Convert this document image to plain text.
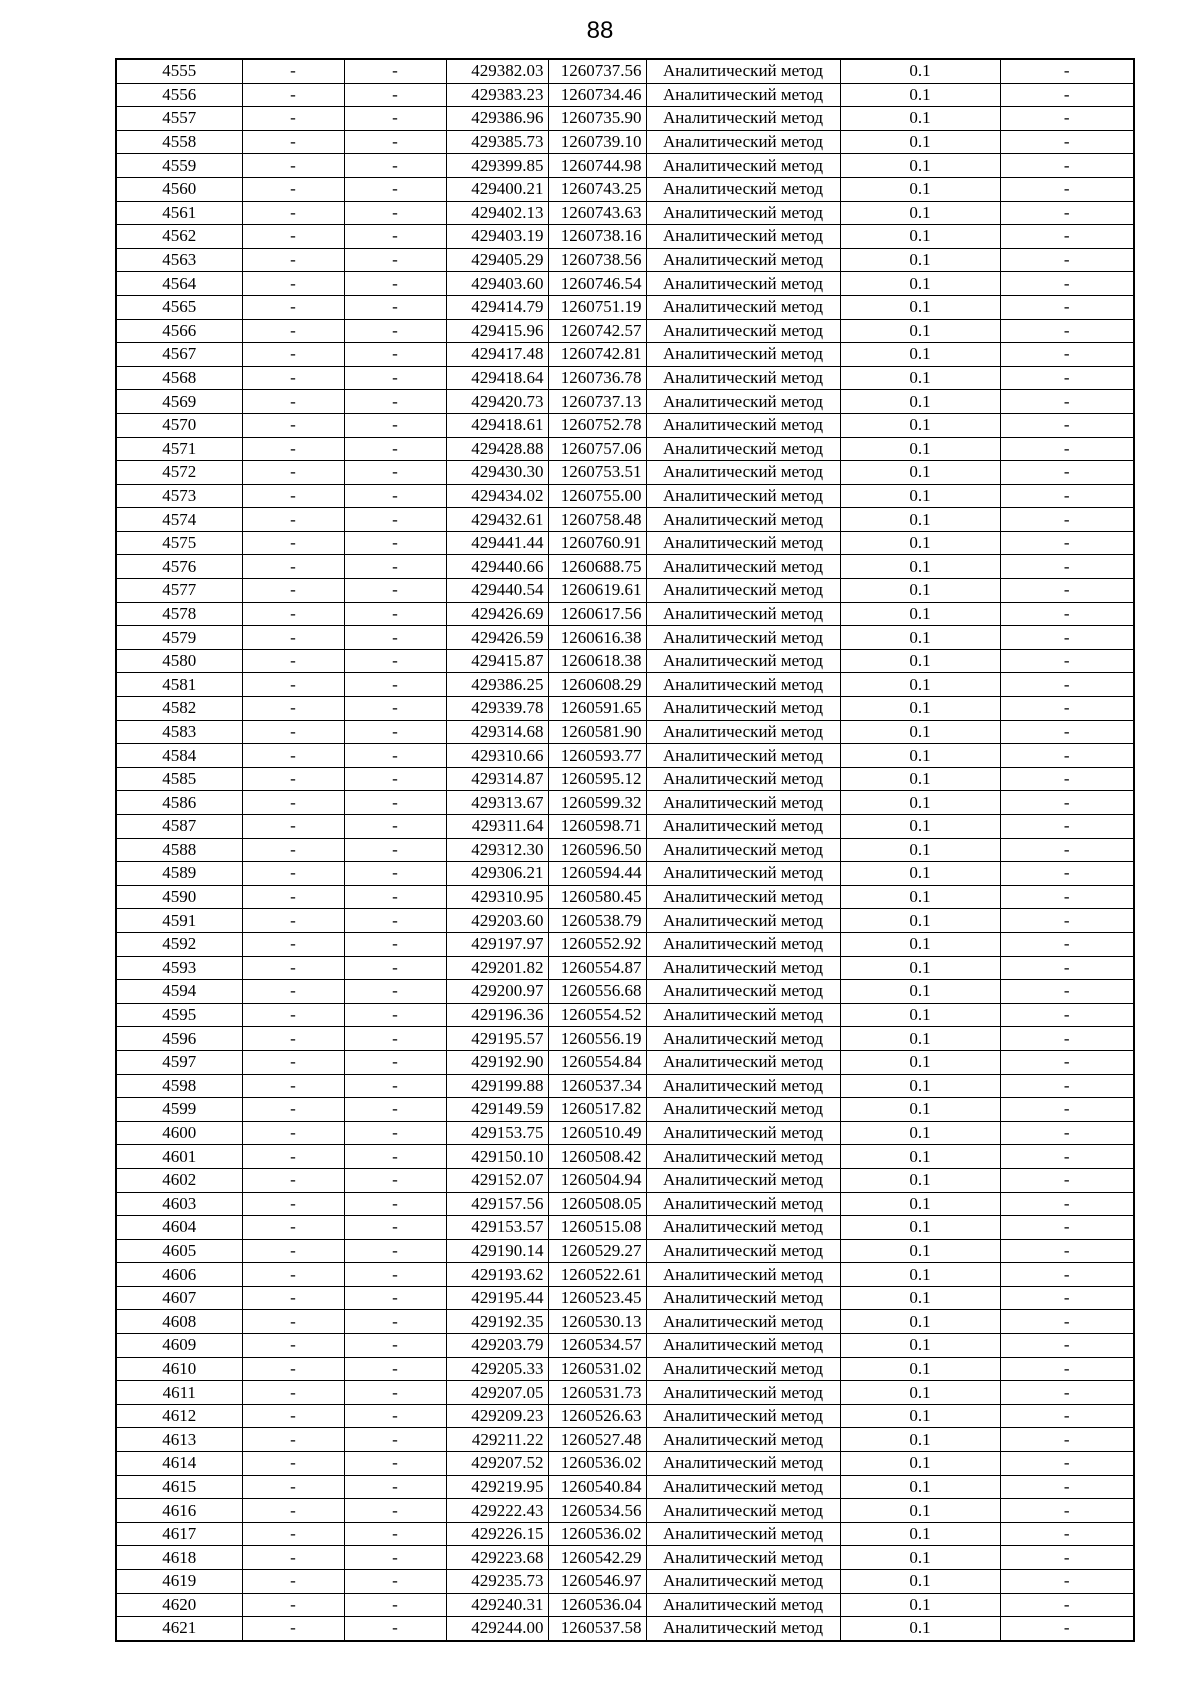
88
4555	-	-	429382.03	1260737.56	Аналитический метод	0.1	-
4556	-	-	429383.23	1260734.46	Аналитический метод	0.1	-
4557	-	-	429386.96	1260735.90	Аналитический метод	0.1	-
4558	-	-	429385.73	1260739.10	Аналитический метод	0.1	-
4559	-	-	429399.85	1260744.98	Аналитический метод	0.1	-
4560	-	-	429400.21	1260743.25	Аналитический метод	0.1	-
4561	-	-	429402.13	1260743.63	Аналитический метод	0.1	-
4562	-	-	429403.19	1260738.16	Аналитический метод	0.1	-
4563	-	-	429405.29	1260738.56	Аналитический метод	0.1	-
4564	-	-	429403.60	1260746.54	Аналитический метод	0.1	-
4565	-	-	429414.79	1260751.19	Аналитический метод	0.1	-
4566	-	-	429415.96	1260742.57	Аналитический метод	0.1	-
4567	-	-	429417.48	1260742.81	Аналитический метод	0.1	-
4568	-	-	429418.64	1260736.78	Аналитический метод	0.1	-
4569	-	-	429420.73	1260737.13	Аналитический метод	0.1	-
4570	-	-	429418.61	1260752.78	Аналитический метод	0.1	-
4571	-	-	429428.88	1260757.06	Аналитический метод	0.1	-
4572	-	-	429430.30	1260753.51	Аналитический метод	0.1	-
4573	-	-	429434.02	1260755.00	Аналитический метод	0.1	-
4574	-	-	429432.61	1260758.48	Аналитический метод	0.1	-
4575	-	-	429441.44	1260760.91	Аналитический метод	0.1	-
4576	-	-	429440.66	1260688.75	Аналитический метод	0.1	-
4577	-	-	429440.54	1260619.61	Аналитический метод	0.1	-
4578	-	-	429426.69	1260617.56	Аналитический метод	0.1	-
4579	-	-	429426.59	1260616.38	Аналитический метод	0.1	-
4580	-	-	429415.87	1260618.38	Аналитический метод	0.1	-
4581	-	-	429386.25	1260608.29	Аналитический метод	0.1	-
4582	-	-	429339.78	1260591.65	Аналитический метод	0.1	-
4583	-	-	429314.68	1260581.90	Аналитический метод	0.1	-
4584	-	-	429310.66	1260593.77	Аналитический метод	0.1	-
4585	-	-	429314.87	1260595.12	Аналитический метод	0.1	-
4586	-	-	429313.67	1260599.32	Аналитический метод	0.1	-
4587	-	-	429311.64	1260598.71	Аналитический метод	0.1	-
4588	-	-	429312.30	1260596.50	Аналитический метод	0.1	-
4589	-	-	429306.21	1260594.44	Аналитический метод	0.1	-
4590	-	-	429310.95	1260580.45	Аналитический метод	0.1	-
4591	-	-	429203.60	1260538.79	Аналитический метод	0.1	-
4592	-	-	429197.97	1260552.92	Аналитический метод	0.1	-
4593	-	-	429201.82	1260554.87	Аналитический метод	0.1	-
4594	-	-	429200.97	1260556.68	Аналитический метод	0.1	-
4595	-	-	429196.36	1260554.52	Аналитический метод	0.1	-
4596	-	-	429195.57	1260556.19	Аналитический метод	0.1	-
4597	-	-	429192.90	1260554.84	Аналитический метод	0.1	-
4598	-	-	429199.88	1260537.34	Аналитический метод	0.1	-
4599	-	-	429149.59	1260517.82	Аналитический метод	0.1	-
4600	-	-	429153.75	1260510.49	Аналитический метод	0.1	-
4601	-	-	429150.10	1260508.42	Аналитический метод	0.1	-
4602	-	-	429152.07	1260504.94	Аналитический метод	0.1	-
4603	-	-	429157.56	1260508.05	Аналитический метод	0.1	-
4604	-	-	429153.57	1260515.08	Аналитический метод	0.1	-
4605	-	-	429190.14	1260529.27	Аналитический метод	0.1	-
4606	-	-	429193.62	1260522.61	Аналитический метод	0.1	-
4607	-	-	429195.44	1260523.45	Аналитический метод	0.1	-
4608	-	-	429192.35	1260530.13	Аналитический метод	0.1	-
4609	-	-	429203.79	1260534.57	Аналитический метод	0.1	-
4610	-	-	429205.33	1260531.02	Аналитический метод	0.1	-
4611	-	-	429207.05	1260531.73	Аналитический метод	0.1	-
4612	-	-	429209.23	1260526.63	Аналитический метод	0.1	-
4613	-	-	429211.22	1260527.48	Аналитический метод	0.1	-
4614	-	-	429207.52	1260536.02	Аналитический метод	0.1	-
4615	-	-	429219.95	1260540.84	Аналитический метод	0.1	-
4616	-	-	429222.43	1260534.56	Аналитический метод	0.1	-
4617	-	-	429226.15	1260536.02	Аналитический метод	0.1	-
4618	-	-	429223.68	1260542.29	Аналитический метод	0.1	-
4619	-	-	429235.73	1260546.97	Аналитический метод	0.1	-
4620	-	-	429240.31	1260536.04	Аналитический метод	0.1	-
4621	-	-	429244.00	1260537.58	Аналитический метод	0.1	-
